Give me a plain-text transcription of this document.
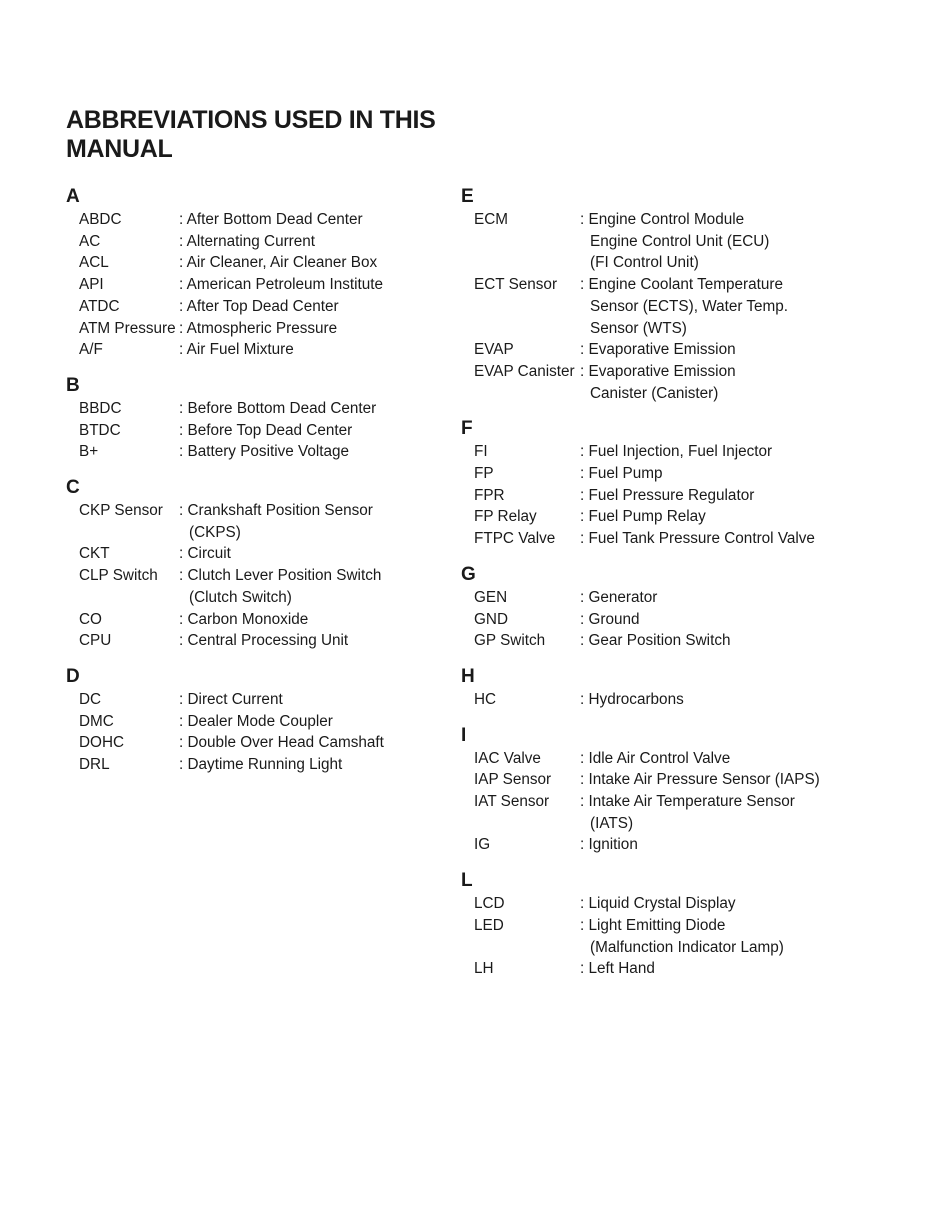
ABBREVIATIONS USED IN THIS MANUAL
A
ABDC	: After Bottom Dead Center
AC	: Alternating Current
ACL	: Air Cleaner, Air Cleaner Box
API	: American Petroleum Institute
ATDC	: After Top Dead Center
ATM Pressure : Atmospheric Pressure
A/F	: Air Fuel Mixture
B
BBDC	: Before Bottom Dead Center
BTDC	: Before Top Dead Center
B+	: Battery Positive Voltage
C
CKP Sensor	: Crankshaft Position Sensor
(CKPS)
CKT	: Circuit
CLP Switch	: Clutch Lever Position Switch
(Clutch Switch)
CO	: Carbon Monoxide
CPU	: Central Processing Unit
D
DC	: Direct Current
DMC	: Dealer Mode Coupler
DOHC	: Double Over Head Camshaft
DRL	: Daytime Running Light
E
ECM	: Engine Control Module
Engine Control Unit (ECU)
(FI Control Unit)
ECT Sensor	: Engine Coolant Temperature
Sensor (ECTS), Water Temp.
Sensor (WTS)
EVAP	: Evaporative Emission
EVAP Canister : Evaporative Emission
Canister (Canister)
F
FI	: Fuel Injection, Fuel Injector
FP	: Fuel Pump
FPR	: Fuel Pressure Regulator
FP Relay	: Fuel Pump Relay
FTPC Valve	: Fuel Tank Pressure Control Valve
G
GEN	: Generator
GND	: Ground
GP Switch	: Gear Position Switch
H
HC	: Hydrocarbons
I
IAC Valve	: Idle Air Control Valve
IAP Sensor	: Intake Air Pressure Sensor (IAPS)
IAT Sensor	: Intake Air Temperature Sensor
(IATS)
IG	: Ignition
L
LCD	: Liquid Crystal Display
LED	: Light Emitting Diode
(Malfunction Indicator Lamp)
LH	: Left Hand
